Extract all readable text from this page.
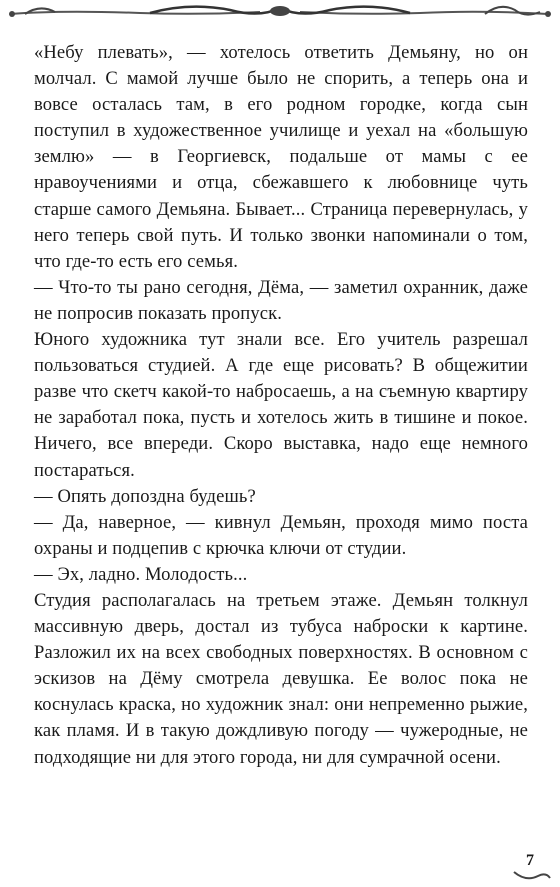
«Небу плевать», — хотелось ответить Демьяну, но он молчал. С мамой лучше было не спорить, а теперь она и вовсе осталась там, в его родном городке, когда сын поступил в художественное училище и уехал на «большую землю» — в Георгиевск, подальше от мамы с ее нравоучениями и отца, сбежавшего к любовнице чуть старше самого Демьяна. Бывает... Страница перевернулась, у него теперь свой путь. И только звонки напоминали о том, что где-то есть его семья.

— Что-то ты рано сегодня, Дёма, — заметил охранник, даже не попросив показать пропуск.

Юного художника тут знали все. Его учитель разрешал пользоваться студией. А где еще рисовать? В общежитии разве что скетч какой-то набросаешь, а на съемную квартиру не заработал пока, пусть и хотелось жить в тишине и покое. Ничего, все впереди. Скоро выставка, надо еще немного постараться.

— Опять допоздна будешь?

— Да, наверное, — кивнул Демьян, проходя мимо поста охраны и подцепив с крючка ключи от студии.

— Эх, ладно. Молодость...

Студия располагалась на третьем этаже. Демьян толкнул массивную дверь, достал из тубуса наброски к картине. Разложил их на всех свободных поверхностях. В основном с эскизов на Дёму смотрела девушка. Ее волос пока не коснулась краска, но художник знал: они непременно рыжие, как пламя. И в такую дождливую погоду — чужеродные, не подходящие ни для этого города, ни для сумрачной осени.

7
